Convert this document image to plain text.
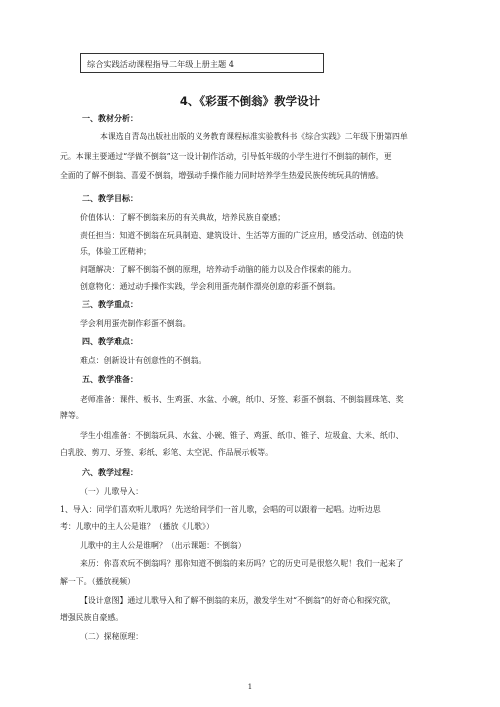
综合实践活动课程指导二年级上册主题 4
4、《彩蛋不倒翁》教学设计
一、教材分析：
本课选自青岛出版社出版的义务教育课程标准实验教科书《综合实践》二年级下册第四单
元。本课主要通过“学做不倒翁”这一设计制作活动，引导低年级的小学生进行不倒翁的制作，更
全面的了解不倒翁、喜爱不倒翁，增强动手操作能力同时培养学生热爱民族传统玩具的情感。
二、教学目标：
价值体认：了解不倒翁来历的有关典故，培养民族自豪感；
责任担当：知道不倒翁在玩具制造、建筑设计、生活等方面的广泛应用，感受活动、创造的快
乐，体验工匠精神；
问题解决：了解不倒翁不倒的原理，培养动手动脑的能力以及合作探索的能力。
创意物化：通过动手操作实践，学会利用蛋壳制作漂亮创意的彩蛋不倒翁。
三、教学重点：
学会利用蛋壳制作彩蛋不倒翁。
四、教学难点：
难点：创新设计有创意性的不倒翁。
五、教学准备：
老师准备：课件、板书、生鸡蛋、水盆、小碗，纸巾、牙签、彩蛋不倒翁、不倒翁圆珠笔、奖
牌等。
学生小组准备：不倒翁玩具、水盆、小碗、锥子、鸡蛋、纸巾、锥子、垃圾盒、大米、纸巾、
白乳胶、剪刀、牙签、彩纸、彩笔、太空泥、作品展示板等。
六、教学过程：
（一）儿歌导入：
1、导入：同学们喜欢听儿歌吗？先送给同学们一首儿歌，会唱的可以跟着一起唱。边听边思
考：儿歌中的主人公是谁？（播放《儿歌》）
儿歌中的主人公是谁啊？（出示课题：不倒翁）
来历：你喜欢玩不倒翁吗？那你知道不倒翁的来历吗？它的历史可是很悠久呢！我们一起来了
解一下。（播放视频）
【设计意图】通过儿歌导入和了解不倒翁的来历，激发学生对“不倒翁”的好奇心和探究欲，
增强民族自豪感。
（二）探秘原理：
1
